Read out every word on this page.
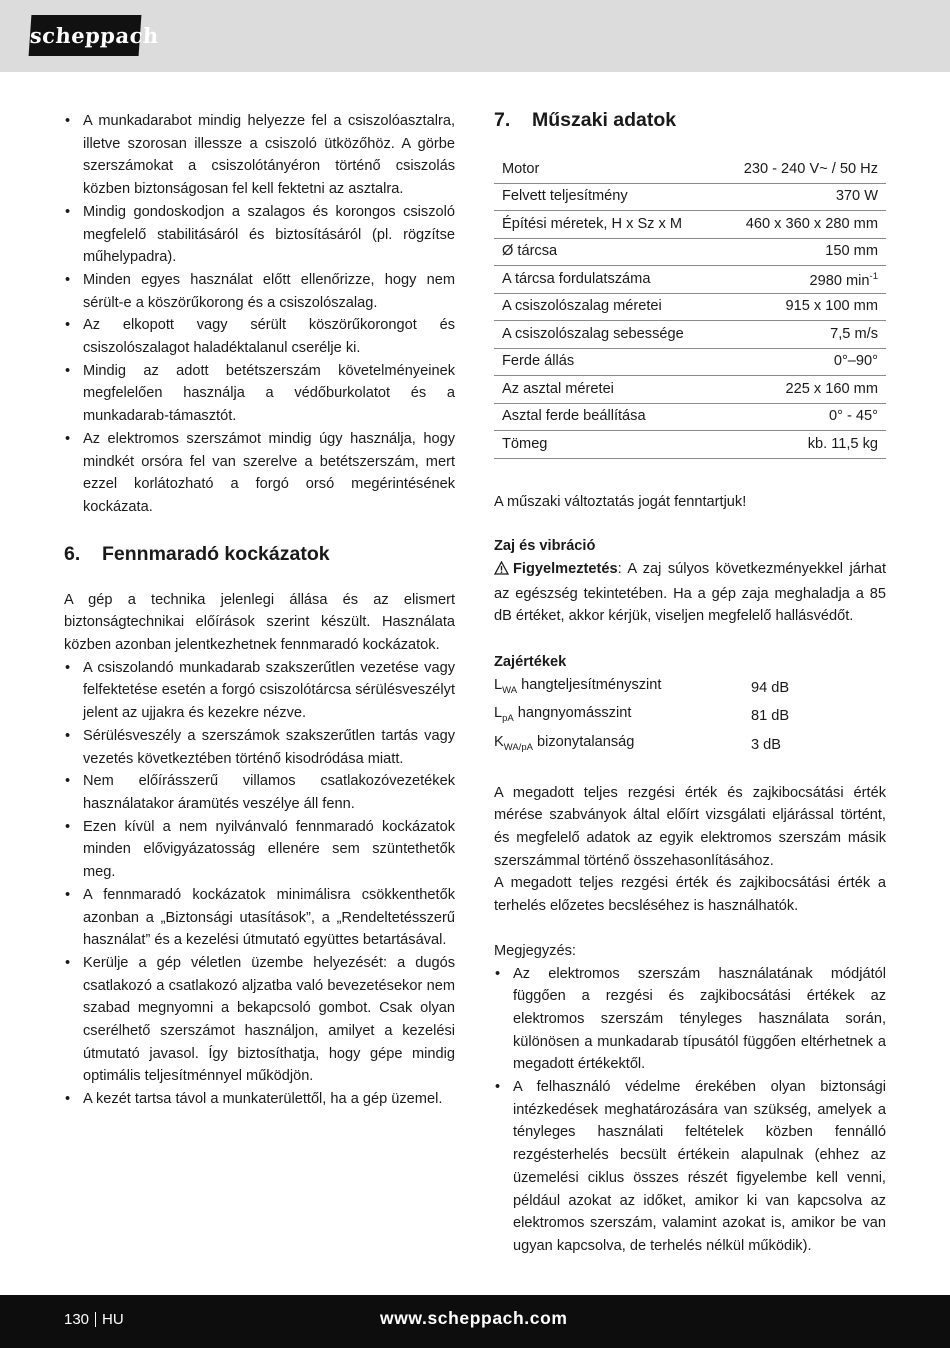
scheppach
• A munkadarabot mindig helyezze fel a csiszolóasztalra, illetve szorosan illessze a csiszoló ütközőhöz. A görbe szerszámokat a csiszolótányéron történő csiszolás közben biztonságosan fel kell fektetni az asztalra.
• Mindig gondoskodjon a szalagos és korongos csiszoló megfelelő stabilitásáról és biztosításáról (pl. rögzítse műhelypadra).
• Minden egyes használat előtt ellenőrizze, hogy nem sérült-e a köszörűkorong és a csiszolószalag.
• Az elkopott vagy sérült köszörűkorongot és csiszolószalagot haladéktalanul cserélje ki.
• Mindig az adott betétszerszám követelményeinek megfelelően használja a védőburkolatot és a munkadarab-támasztót.
• Az elektromos szerszámot mindig úgy használja, hogy mindkét orsóra fel van szerelve a betétszerszám, mert ezzel korlátozható a forgó orsó megérintésének kockázata.
6.	Fennmaradó kockázatok

A gép a technika jelenlegi állása és az elismert biztonságtechnikai előírások szerint készült. Használata közben azonban jelentkezhetnek fennmaradó kockázatok.

• A csiszolandó munkadarab szakszerűtlen vezetése vagy felfektetése esetén a forgó csiszolótárcsa sérülésveszélyt jelent az ujjakra és kezekre nézve.
• Sérülésveszély a szerszámok szakszerűtlen tartás vagy vezetés következtében történő kisodródása miatt.
• Nem előírásszerű villamos csatlakozóvezetékek használatakor áramütés veszélye áll fenn.
• Ezen kívül a nem nyilvánvaló fennmaradó kockázatok minden elővigyázatosság ellenére sem szüntethetők meg.
• A fennmaradó kockázatok minimálisra csökkenthetők azonban a „Biztonsági utasítások”, a „Rendeltetésszerű használat” és a kezelési útmutató együttes betartásával.
• Kerülje a gép véletlen üzembe helyezését: a dugós csatlakozó a csatlakozó aljzatba való bevezetésekor nem szabad megnyomni a bekapcsoló gombot. Csak olyan cserélhető szerszámot használjon, amilyet a kezelési útmutató javasol. Így biztosíthatja, hogy gépe mindig optimális teljesítménnyel működjön.
• A kezét tartsa távol a munkaterülettől, ha a gép üzemel.
7.	Műszaki adatok
Motor	230 - 240 V~ / 50 Hz
Felvett teljesítmény	370 W
Építési méretek, H x Sz x M	460 x 360 x 280 mm
Ø tárcsa	150 mm
A tárcsa fordulatszáma	2980 $\min^{-1}$
A csiszolószalag méretei	915 x 100 mm
A csiszolószalag sebessége	7,5 m/s
Ferde állás	0°–90°
Az asztal méretei	225 x 160 mm
Asztal ferde beállítása	0° - 45°
Tömeg	kb. 11,5 kg

A műszaki változtatás jogát fenntartjuk!

Zaj és vibráció

Figyelmeztetés: A zaj súlyos következményekkel járhat az egészség tekintetében. Ha a gép zaja meghaladja a 85 dB értéket, akkor kérjük, viseljen megfelelő hallásvédőt.

Zajértékek

$L_{WA}$ hangteljesítményszint	94 dB
$L_{pA}$ hangnyomásszint	81 dB
$K_{WA/pA}$ bizonytalanság	3 dB

A megadott teljes rezgési érték és zajkibocsátási érték mérése szabványok által előírt vizsgálati eljárással történt, és megfelelő adatok az egyik elektromos szerszám másik szerszámmal történő összehasonlításához.

A megadott teljes rezgési érték és zajkibocsátási érték a terhelés előzetes becsléséhez is használhatók.

Megjegyzés:

• Az elektromos szerszám használatának módjától függően a rezgési és zajkibocsátási értékek az elektromos szerszám tényleges használata során, különösen a munkadarab típusától függően eltérhetnek a megadott értékektől.
• A felhasználó védelme érekében olyan biztonsági intézkedések meghatározására van szükség, amelyek a tényleges használati feltételek közben fennálló rezgésterhelés becsült értékein alapulnak (ehhez az üzemelési ciklus összes részét figyelembe kell venni, például azokat az időket, amikor ki van kapcsolva az elektromos szerszám, valamint azokat is, amikor be van ugyan kapcsolva, de terhelés nélkül működik).
130 HU	www.scheppach.com
